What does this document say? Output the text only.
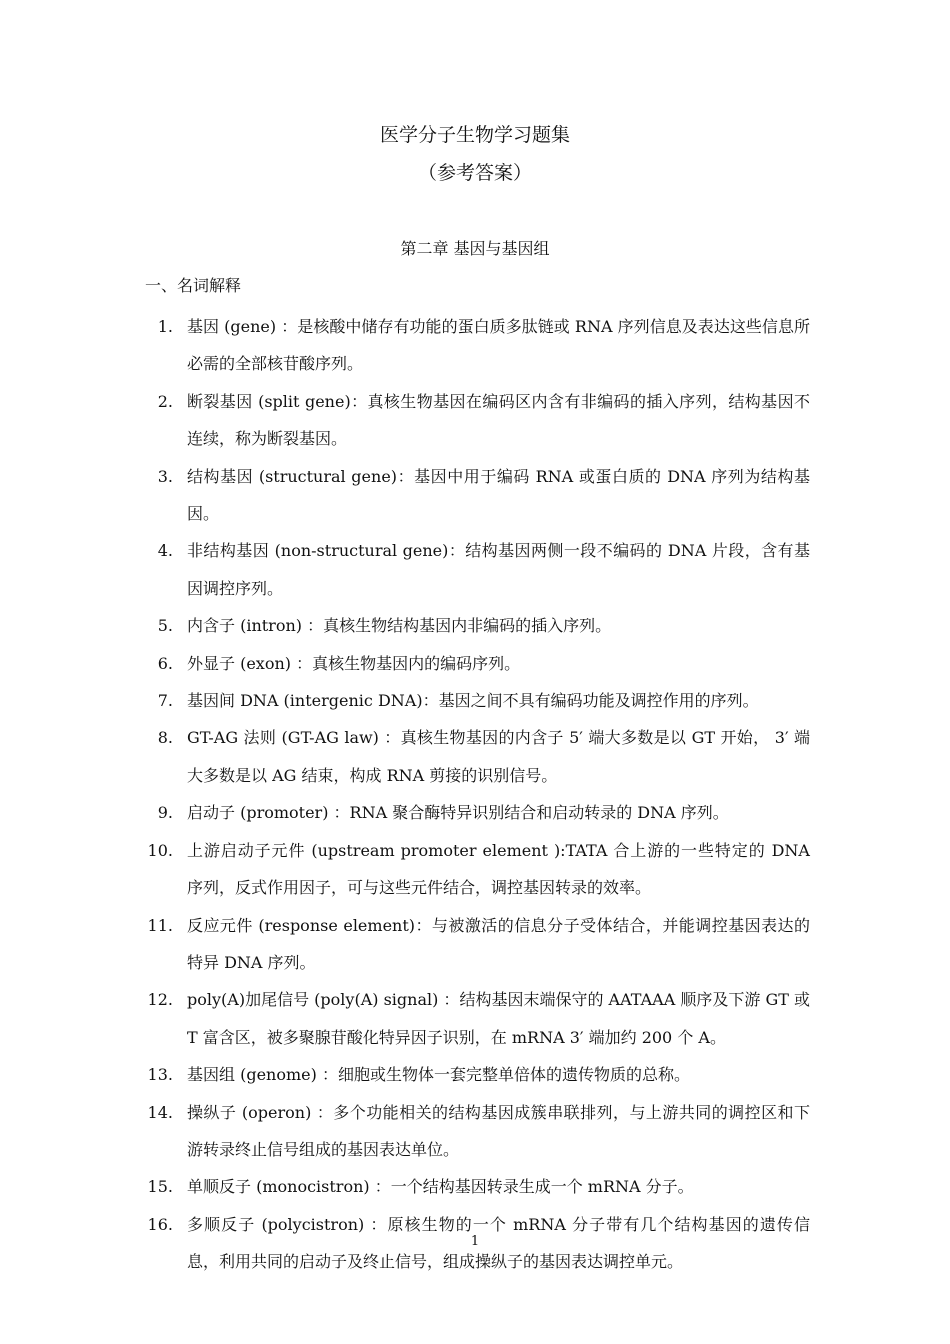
医学分子生物学习题集
（参考答案）
第二章 基因与基因组
一、名词解释
1. 基因 (gene) ：是核酸中储存有功能的蛋白质多肽链或 RNA 序列信息及表达这些信息所必需的全部核苷酸序列。
2. 断裂基因 (split gene)：真核生物基因在编码区内含有非编码的插入序列，结构基因不连续，称为断裂基因。
3. 结构基因 (structural gene)：基因中用于编码 RNA 或蛋白质的 DNA 序列为结构基因。
4. 非结构基因 (non-structural gene)：结构基因两侧一段不编码的 DNA 片段，含有基因调控序列。
5. 内含子 (intron) ：真核生物结构基因内非编码的插入序列。
6. 外显子 (exon) ：真核生物基因内的编码序列。
7. 基因间 DNA (intergenic DNA)：基因之间不具有编码功能及调控作用的序列。
8. GT-AG 法则 (GT-AG law) ：真核生物基因的内含子 5′ 端大多数是以 GT 开始， 3′ 端大多数是以 AG 结束，构成 RNA 剪接的识别信号。
9. 启动子 (promoter) ：RNA 聚合酶特异识别结合和启动转录的 DNA 序列。
10. 上游启动子元件 (upstream promoter element ):TATA 合上游的一些特定的 DNA 序列，反式作用因子，可与这些元件结合，调控基因转录的效率。
11. 反应元件 (response element)：与被激活的信息分子受体结合，并能调控基因表达的特异 DNA 序列。
12. poly(A)加尾信号 (poly(A) signal) ：结构基因末端保守的 AATAAA 顺序及下游 GT 或 T 富含区，被多聚腺苷酸化特异因子识别，在 mRNA 3′ 端加约 200 个 A。
13. 基因组 (genome) ：细胞或生物体一套完整单倍体的遗传物质的总称。
14. 操纵子 (operon) ：多个功能相关的结构基因成簇串联排列，与上游共同的调控区和下游转录终止信号组成的基因表达单位。
15. 单顺反子 (monocistron) ：一个结构基因转录生成一个 mRNA 分子。
16. 多顺反子 (polycistron) ：原核生物的一个 mRNA 分子带有几个结构基因的遗传信息，利用共同的启动子及终止信号，组成操纵子的基因表达调控单元。
1
